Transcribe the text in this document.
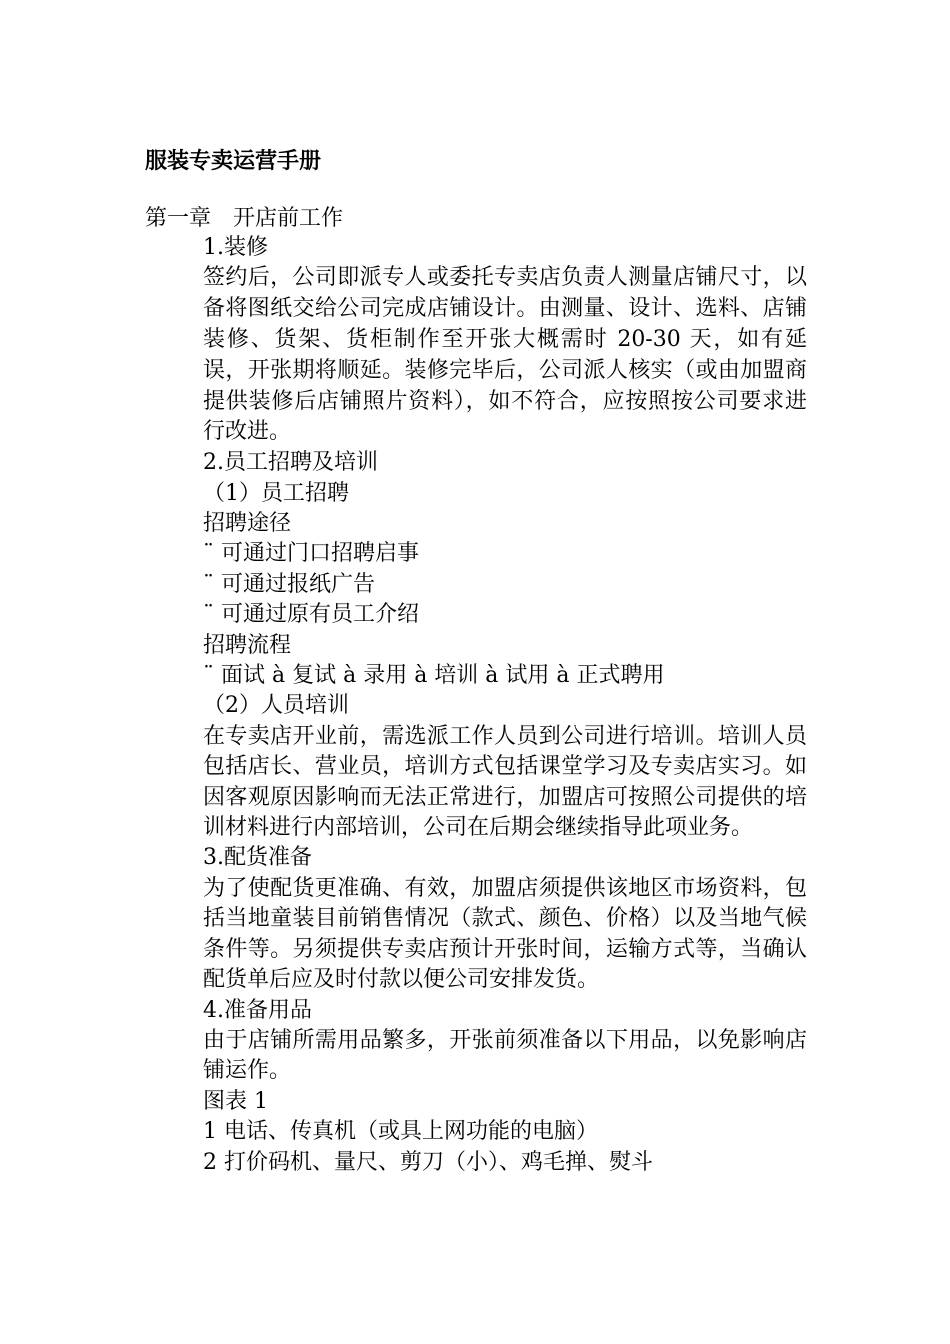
服装专卖运营手册
第一章 开店前工作
1.装修
签约后，公司即派专人或委托专卖店负责人测量店铺尺寸，以备将图纸交给公司完成店铺设计。由测量、设计、选料、店铺装修、货架、货柜制作至开张大概需时 20-30 天，如有延误，开张期将顺延。装修完毕后，公司派人核实（或由加盟商提供装修后店铺照片资料），如不符合，应按照按公司要求进行改进。
2.员工招聘及培训
（1）员工招聘
招聘途径
¨ 可通过门口招聘启事
¨ 可通过报纸广告
¨ 可通过原有员工介绍
招聘流程
¨ 面试 à 复试 à 录用 à 培训 à 试用 à 正式聘用
（2）人员培训
在专卖店开业前，需选派工作人员到公司进行培训。培训人员包括店长、营业员，培训方式包括课堂学习及专卖店实习。如因客观原因影响而无法正常进行，加盟店可按照公司提供的培训材料进行内部培训，公司在后期会继续指导此项业务。
3.配货准备
为了使配货更准确、有效，加盟店须提供该地区市场资料，包括当地童装目前销售情况（款式、颜色、价格）以及当地气候条件等。另须提供专卖店预计开张时间，运输方式等，当确认配货单后应及时付款以便公司安排发货。
4.准备用品
由于店铺所需用品繁多，开张前须准备以下用品，以免影响店铺运作。
图表 1
1 电话、传真机（或具上网功能的电脑）
2 打价码机、量尺、剪刀（小）、鸡毛掸、熨斗
